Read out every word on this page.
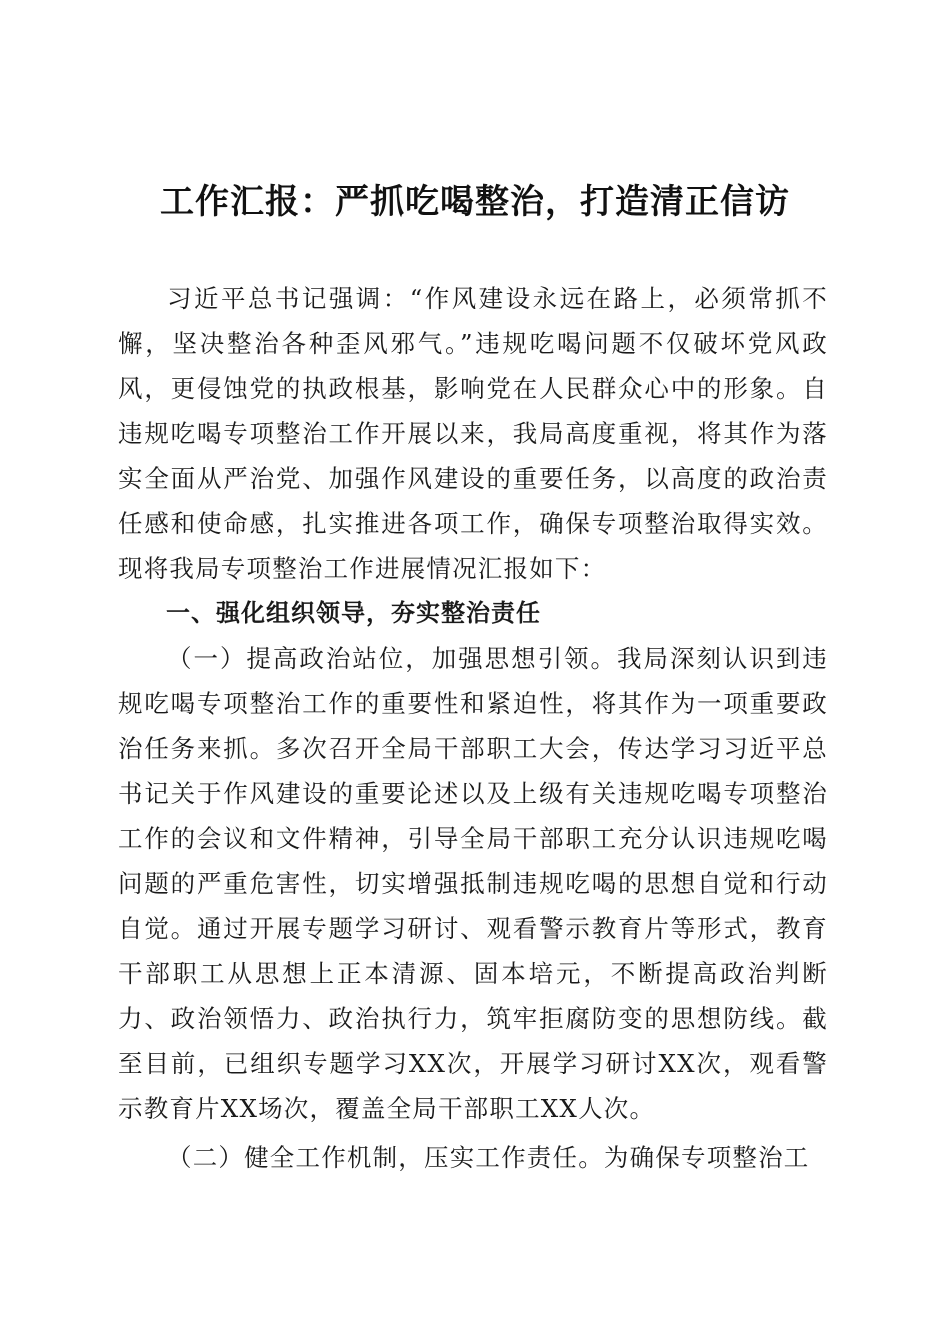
工作汇报：严抓吃喝整治，打造清正信访

习近平总书记强调：“作风建设永远在路上，必须常抓不懈，坚决整治各种歪风邪气。”违规吃喝问题不仅破坏党风政风，更侵蚀党的执政根基，影响党在人民群众心中的形象。自违规吃喝专项整治工作开展以来，我局高度重视，将其作为落实全面从严治党、加强作风建设的重要任务，以高度的政治责任感和使命感，扎实推进各项工作，确保专项整治取得实效。现将我局专项整治工作进展情况汇报如下：

一、强化组织领导，夯实整治责任

（一）提高政治站位，加强思想引领。我局深刻认识到违规吃喝专项整治工作的重要性和紧迫性，将其作为一项重要政治任务来抓。多次召开全局干部职工大会，传达学习习近平总书记关于作风建设的重要论述以及上级有关违规吃喝专项整治工作的会议和文件精神，引导全局干部职工充分认识违规吃喝问题的严重危害性，切实增强抵制违规吃喝的思想自觉和行动自觉。通过开展专题学习研讨、观看警示教育片等形式，教育干部职工从思想上正本清源、固本培元，不断提高政治判断力、政治领悟力、政治执行力，筑牢拒腐防变的思想防线。截至目前，已组织专题学习XX次，开展学习研讨XX次，观看警示教育片XX场次，覆盖全局干部职工XX人次。

（二）健全工作机制，压实工作责任。为确保专项整治工
